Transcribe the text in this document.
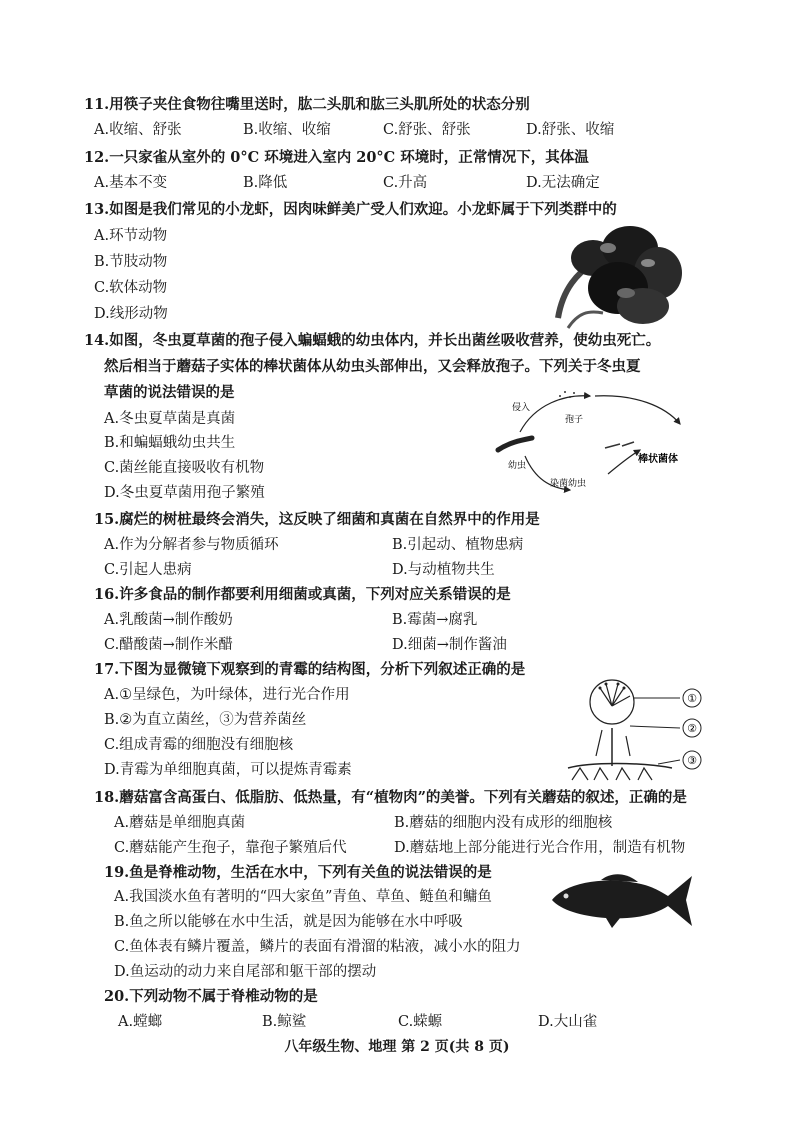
11.用筷子夹住食物往嘴里送时，肱二头肌和肱三头肌所处的状态分别
A.收缩、舒张	B.收缩、收缩	C.舒张、舒张	D.舒张、收缩
12.一只家雀从室外的 0°C 环境进入室内 20°C 环境时，正常情况下，其体温
A.基本不变	B.降低	C.升高	D.无法确定
13.如图是我们常见的小龙虾，因肉味鲜美广受人们欢迎。小龙虾属于下列类群中的
A.环节动物
B.节肢动物
C.软体动物
D.线形动物
14.如图，冬虫夏草菌的孢子侵入蝙蝠蛾的幼虫体内，并长出菌丝吸收营养，使幼虫死亡。
然后相当于蘑菇子实体的棒状菌体从幼虫头部伸出，又会释放孢子。下列关于冬虫夏
草菌的说法错误的是
A.冬虫夏草菌是真菌
B.和蝙蝠蛾幼虫共生
C.菌丝能直接吸收有机物
D.冬虫夏草菌用孢子繁殖
侵入
孢子
幼虫
棒状菌体
染菌幼虫
15.腐烂的树桩最终会消失，这反映了细菌和真菌在自然界中的作用是
A.作为分解者参与物质循环	B.引起动、植物患病
C.引起人患病	D.与动植物共生
16.许多食品的制作都要利用细菌或真菌，下列对应关系错误的是
A.乳酸菌→制作酸奶	B.霉菌→腐乳
C.醋酸菌→制作米醋	D.细菌→制作酱油
17.下图为显微镜下观察到的青霉的结构图，分析下列叙述正确的是
A.①呈绿色，为叶绿体，进行光合作用
B.②为直立菌丝，③为营养菌丝
C.组成青霉的细胞没有细胞核
D.青霉为单细胞真菌，可以提炼青霉素
①
②
③
18.蘑菇富含高蛋白、低脂肪、低热量，有“植物肉”的美誉。下列有关蘑菇的叙述，正确的是
A.蘑菇是单细胞真菌	B.蘑菇的细胞内没有成形的细胞核
C.蘑菇能产生孢子，靠孢子繁殖后代	D.蘑菇地上部分能进行光合作用，制造有机物
19.鱼是脊椎动物，生活在水中，下列有关鱼的说法错误的是
A.我国淡水鱼有著明的“四大家鱼”青鱼、草鱼、鲢鱼和鳙鱼
B.鱼之所以能够在水中生活，就是因为能够在水中呼吸
C.鱼体表有鳞片覆盖，鳞片的表面有滑溜的粘液，减小水的阻力
D.鱼运动的动力来自尾部和躯干部的摆动
20.下列动物不属于脊椎动物的是
A.螳螂	B.鲸鲨	C.蝾螈	D.大山雀
八年级生物、地理 第 2 页(共 8 页)
